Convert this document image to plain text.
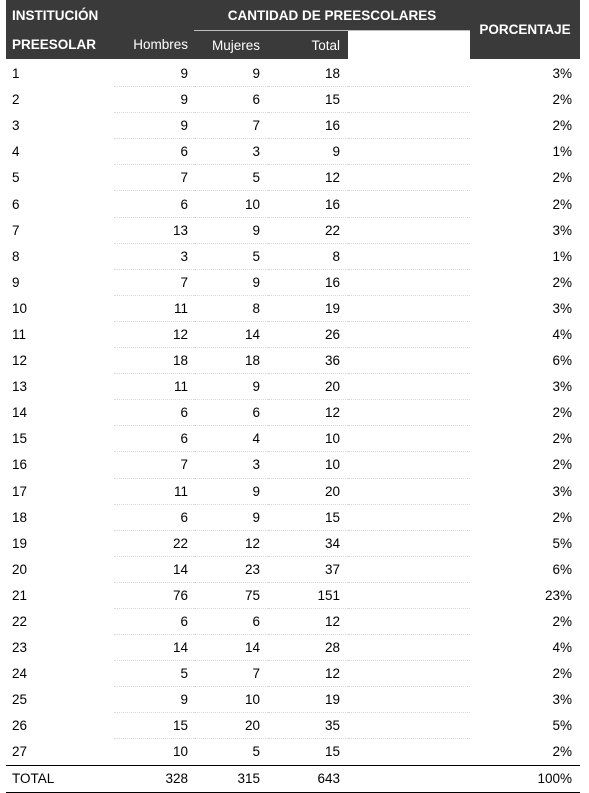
INSTITUCIÓN		CANTIDAD DE PREESCOLARES			PORCENTAJE
PREESOLAR	Hombres	Mujeres	Total		
1	9	9	18		3%
2	9	6	15		2%
3	9	7	16		2%
4	6	3	9		1%
5	7	5	12		2%
6	6	10	16		2%
7	13	9	22		3%
8	3	5	8		1%
9	7	9	16		2%
10	11	8	19		3%
11	12	14	26		4%
12	18	18	36		6%
13	11	9	20		3%
14	6	6	12		2%
15	6	4	10		2%
16	7	3	10		2%
17	11	9	20		3%
18	6	9	15		2%
19	22	12	34		5%
20	14	23	37		6%
21	76	75	151		23%
22	6	6	12		2%
23	14	14	28		4%
24	5	7	12		2%
25	9	10	19		3%
26	15	20	35		5%
27	10	5	15		2%
TOTAL	328	315	643		100%
